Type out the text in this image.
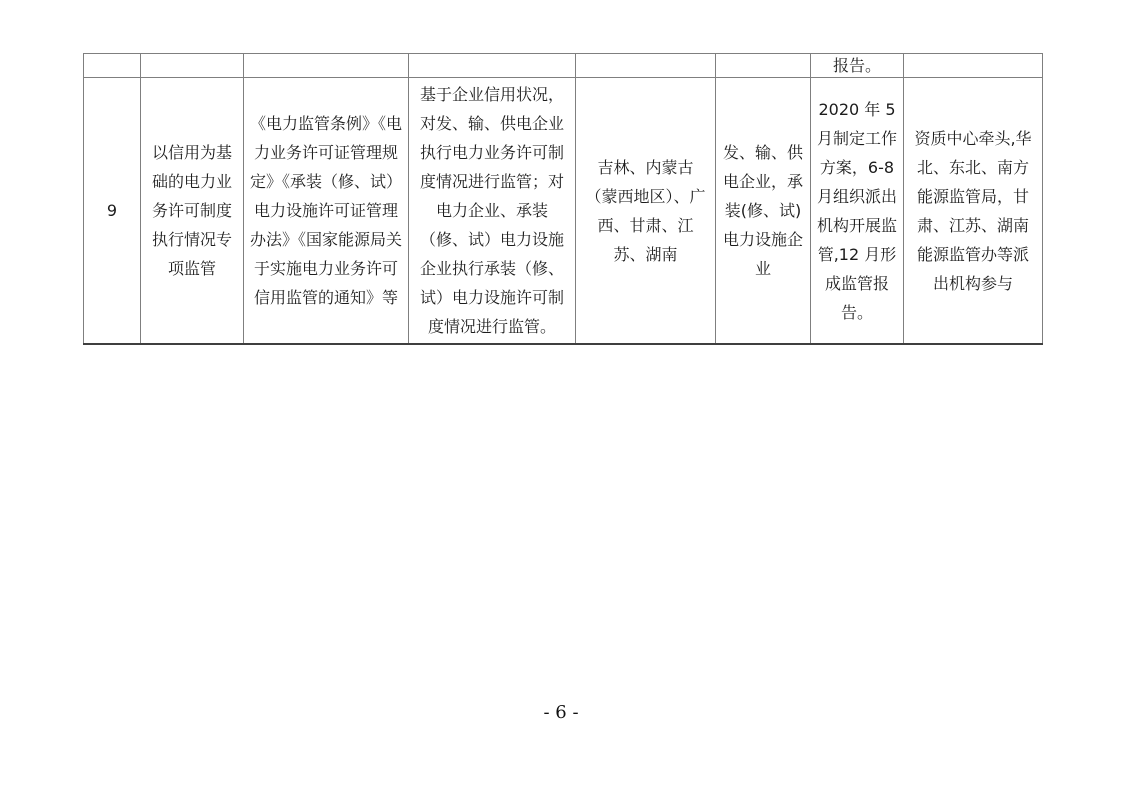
						报告。	
9	以信用为基础的电力业务许可制度执行情况专项监管	《电力监管条例》《电力业务许可证管理规定》《承装（修、试）电力设施许可证管理办法》《国家能源局关于实施电力业务许可信用监管的通知》等	基于企业信用状况，对发、输、供电企业执行电力业务许可制度情况进行监管；对电力企业、承装（修、试）电力设施企业执行承装（修、试）电力设施许可制度情况进行监管。	吉林、内蒙古（蒙西地区）、广西、甘肃、江苏、湖南	发、输、供电企业，承装(修、试)电力设施企业	2020 年 5 月制定工作方案，6-8 月组织派出机构开展监管,12 月形成监管报告。	资质中心牵头,华北、东北、南方能源监管局，甘肃、江苏、湖南能源监管办等派出机构参与
- 6 -
